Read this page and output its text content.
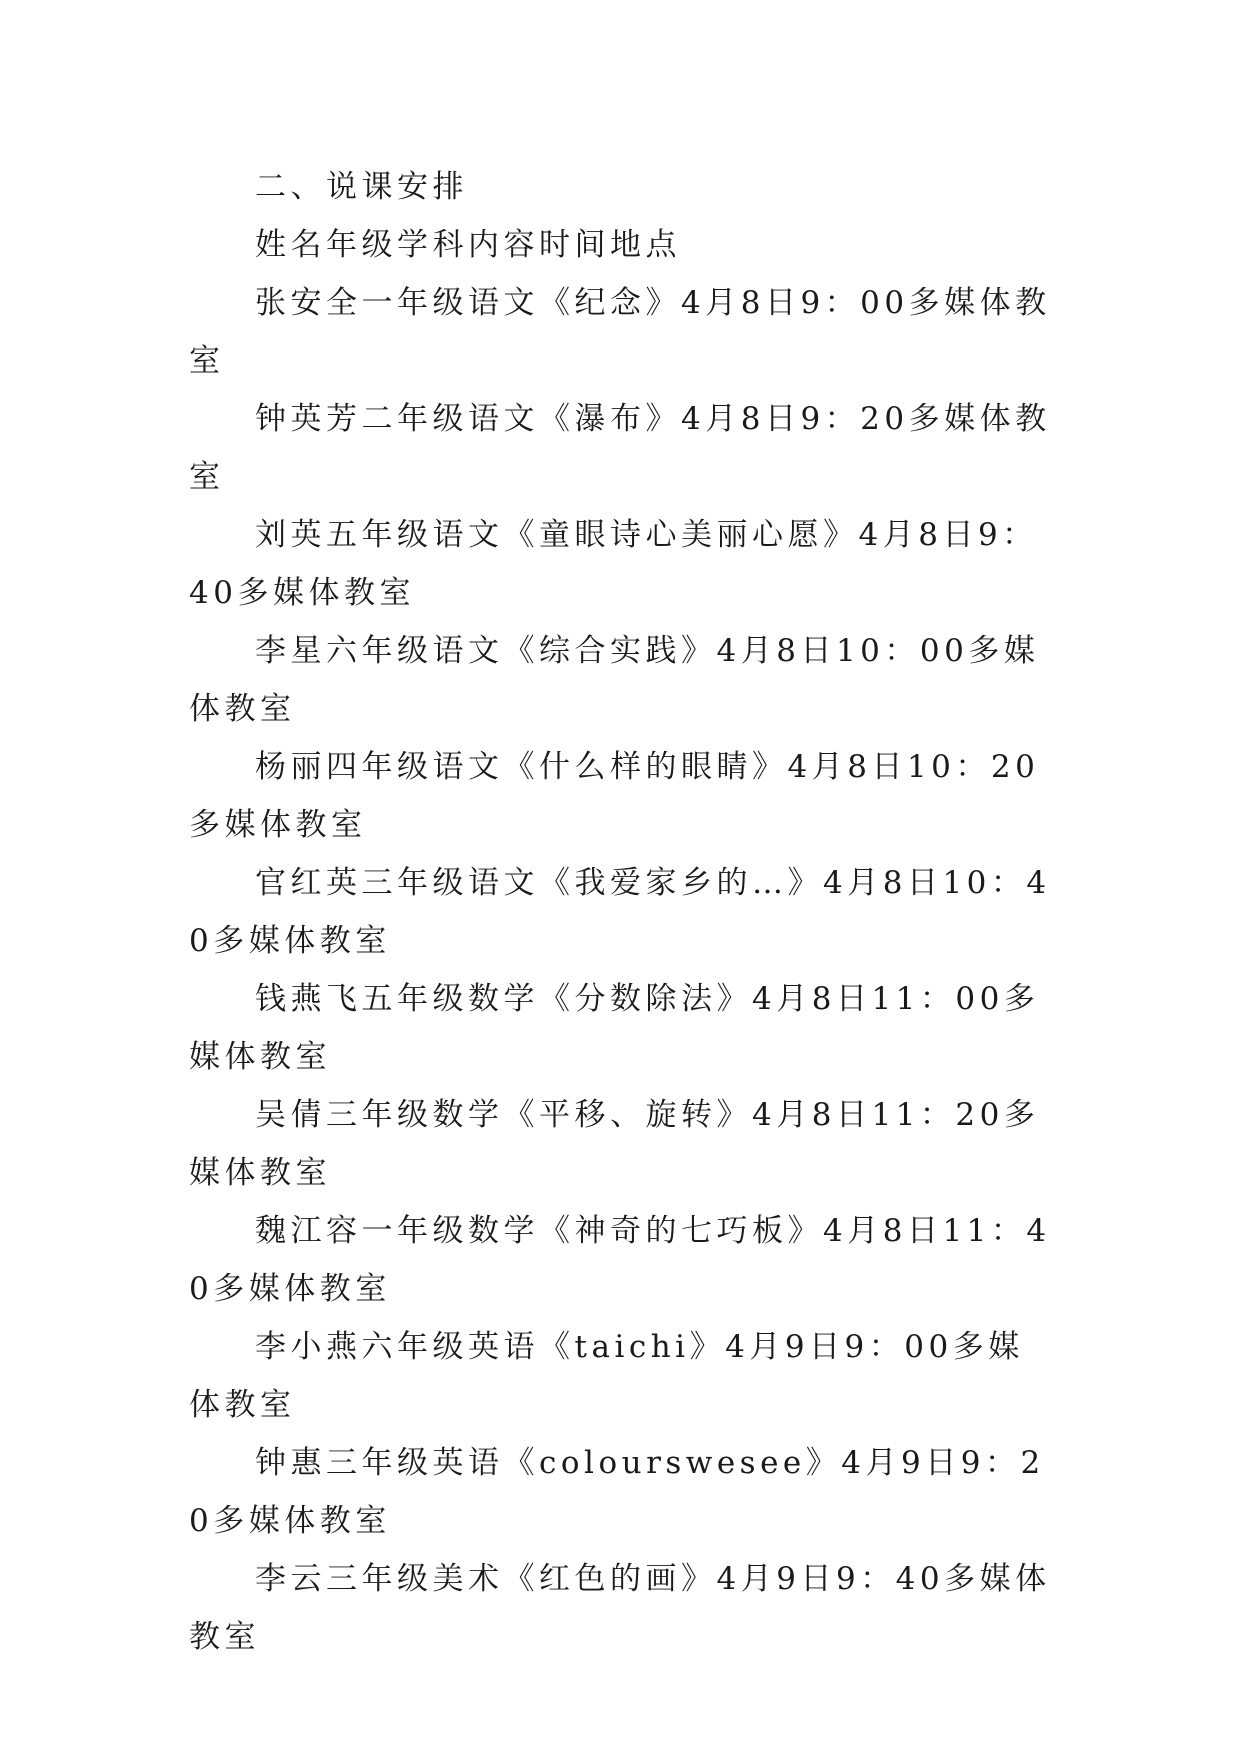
二、说课安排

姓名年级学科内容时间地点

张安全一年级语文《纪念》4月8日9：00多媒体教室

钟英芳二年级语文《瀑布》4月8日9：20多媒体教室

刘英五年级语文《童眼诗心美丽心愿》4月8日9：40多媒体教室

李星六年级语文《综合实践》4月8日10：00多媒体教室

杨丽四年级语文《什么样的眼睛》4月8日10：20多媒体教室

官红英三年级语文《我爱家乡的…》4月8日10：40多媒体教室

钱燕飞五年级数学《分数除法》4月8日11：00多媒体教室

吴倩三年级数学《平移、旋转》4月8日11：20多媒体教室

魏江容一年级数学《神奇的七巧板》4月8日11：40多媒体教室

李小燕六年级英语《taichi》4月9日9：00多媒体教室

钟惠三年级英语《colourswesee》4月9日9：20多媒体教室

李云三年级美术《红色的画》4月9日9：40多媒体教室
